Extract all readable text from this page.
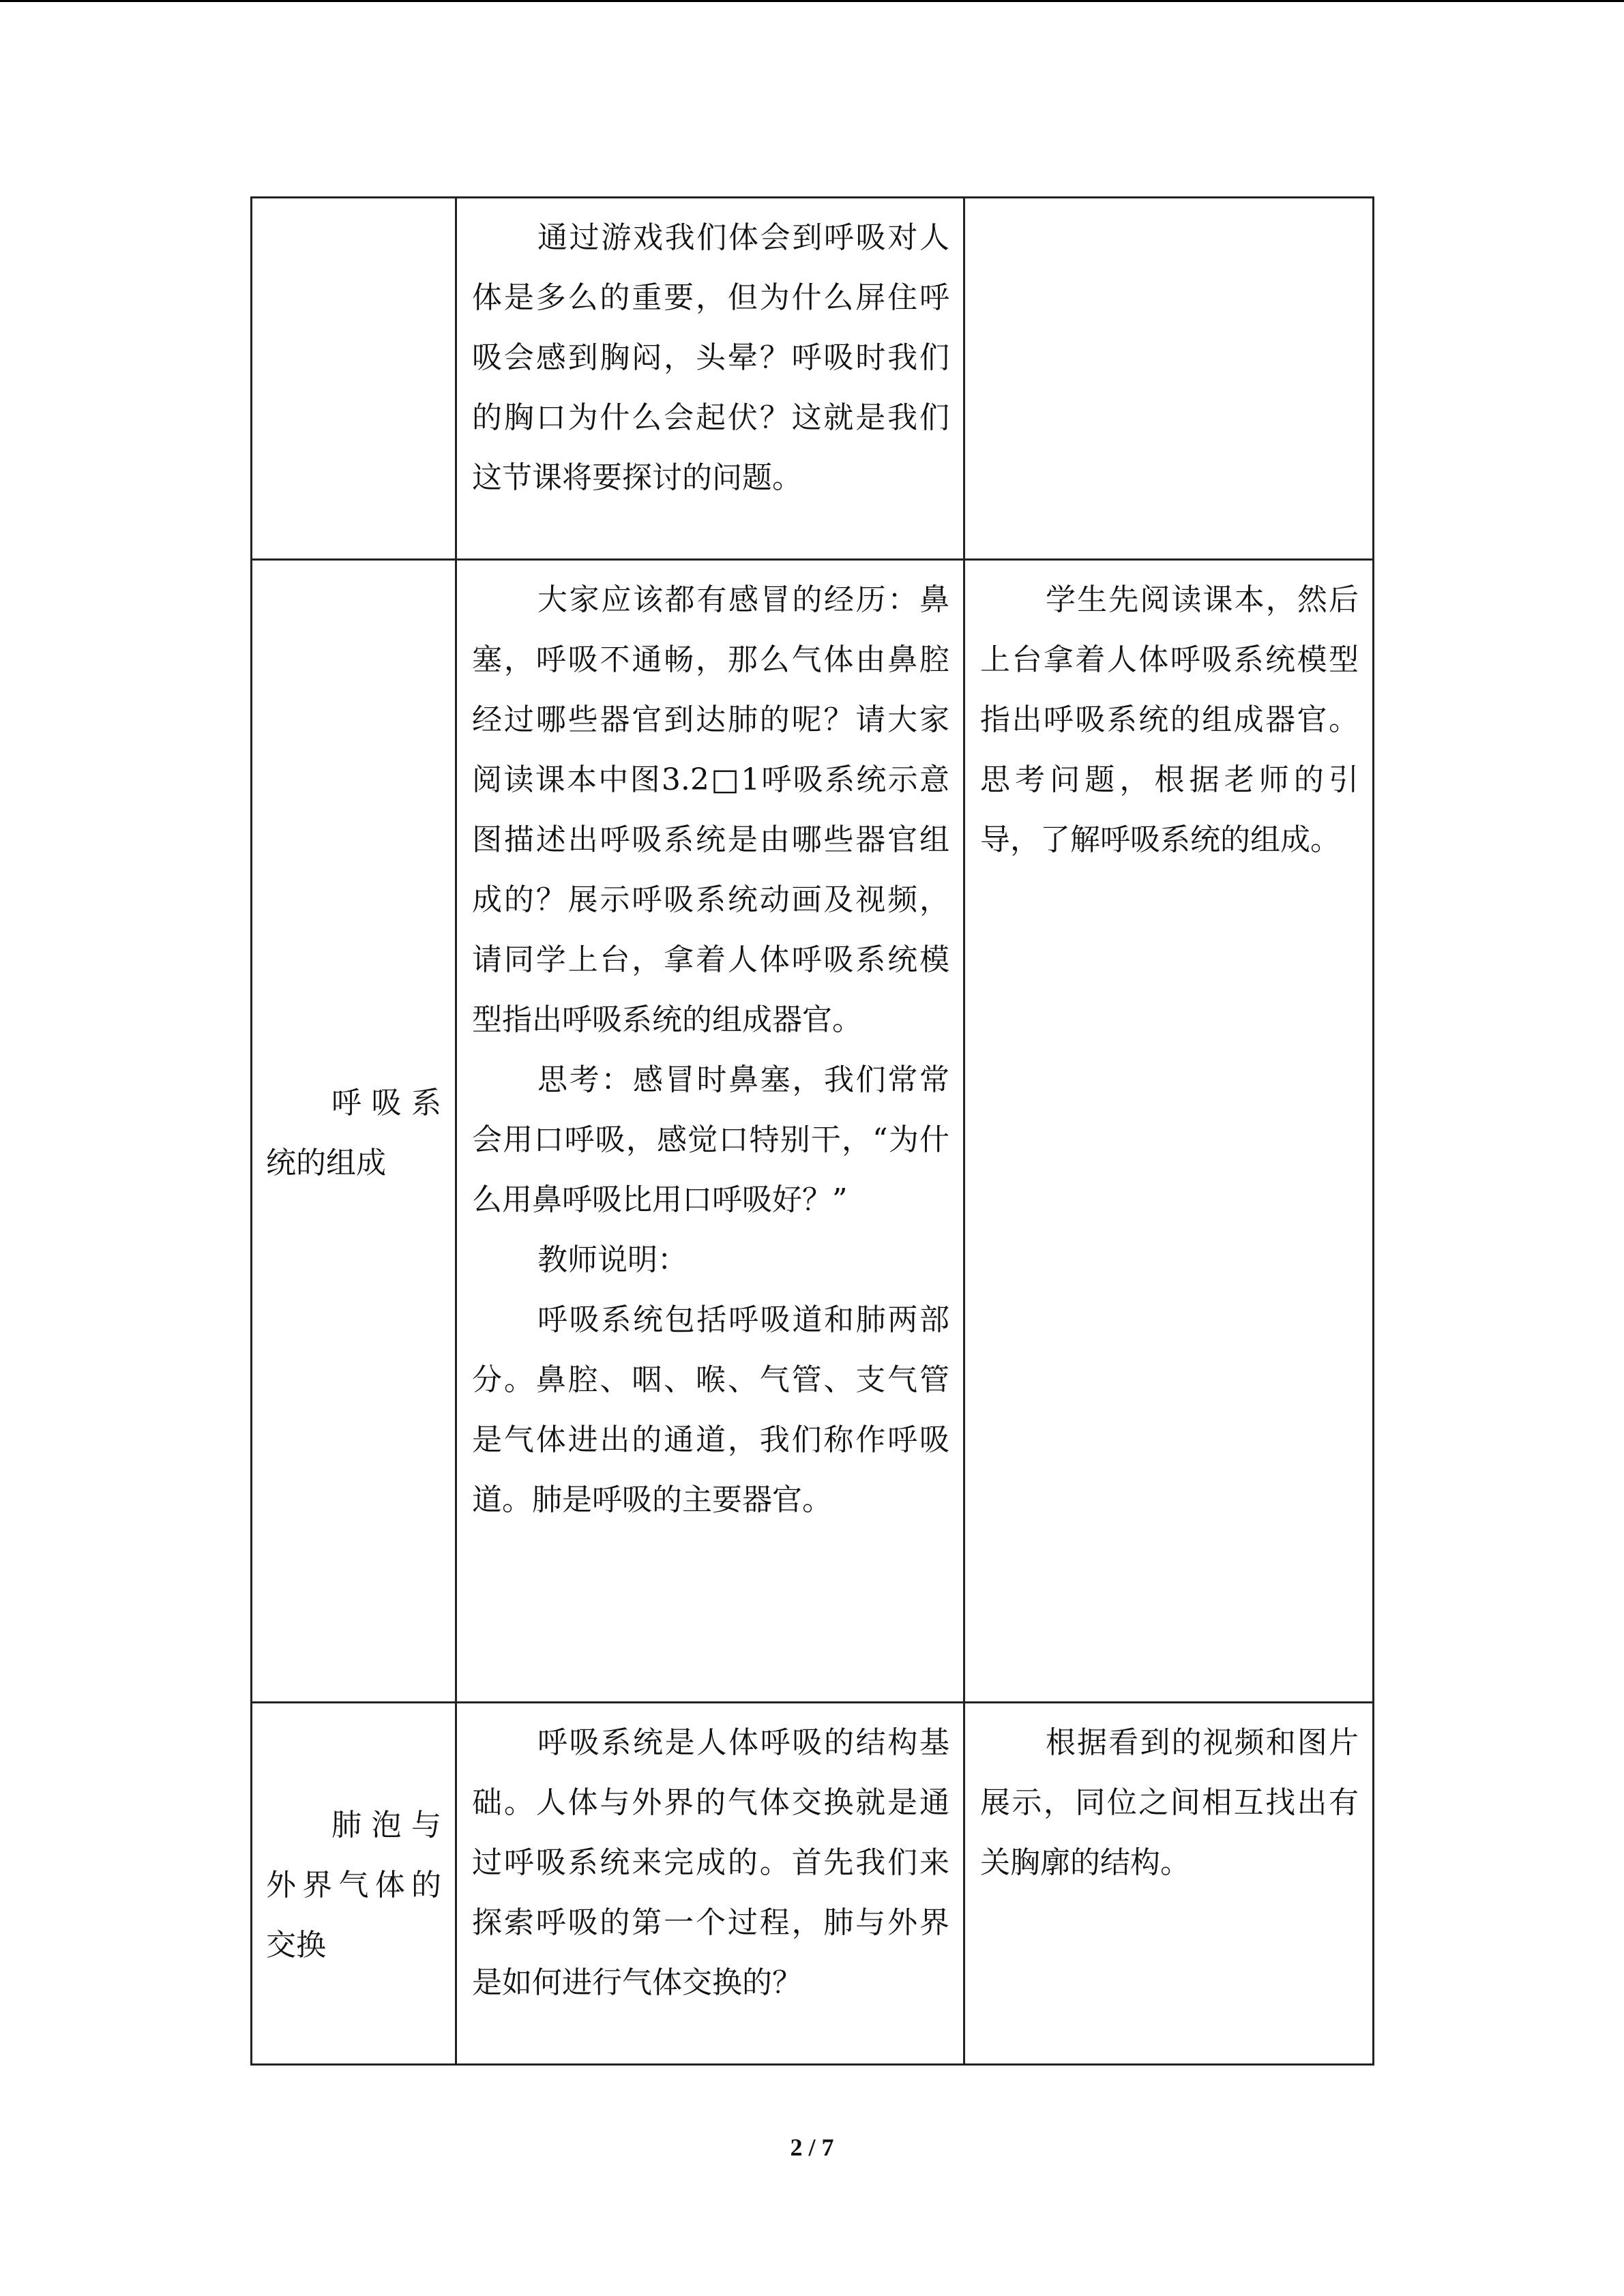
	通过游戏我们体会到呼吸对人体是多么的重要，但为什么屏住呼吸会感到胸闷，头晕？呼吸时我们的胸口为什么会起伏？这就是我们这节课将要探讨的问题。	

呼吸系统的组成	大家应该都有感冒的经历：鼻塞，呼吸不通畅，那么气体由鼻腔经过哪些器官到达肺的呢？请大家阅读课本中图3.2□1呼吸系统示意图描述出呼吸系统是由哪些器官组成的？展示呼吸系统动画及视频，请同学上台，拿着人体呼吸系统模型指出呼吸系统的组成器官。

思考：感冒时鼻塞，我们常常会用口呼吸，感觉口特别干，“为什么用鼻呼吸比用口呼吸好？”

教师说明：

呼吸系统包括呼吸道和肺两部分。鼻腔、咽、喉、气管、支气管是气体进出的通道，我们称作呼吸道。肺是呼吸的主要器官。	学生先阅读课本，然后上台拿着人体呼吸系统模型指出呼吸系统的组成器官。思考问题，根据老师的引导，了解呼吸系统的组成。

肺泡与外界气体的交换	呼吸系统是人体呼吸的结构基础。人体与外界的气体交换就是通过呼吸系统来完成的。首先我们来探索呼吸的第一个过程，肺与外界是如何进行气体交换的？	根据看到的视频和图片展示，同位之间相互找出有关胸廓的结构。

2 / 7
